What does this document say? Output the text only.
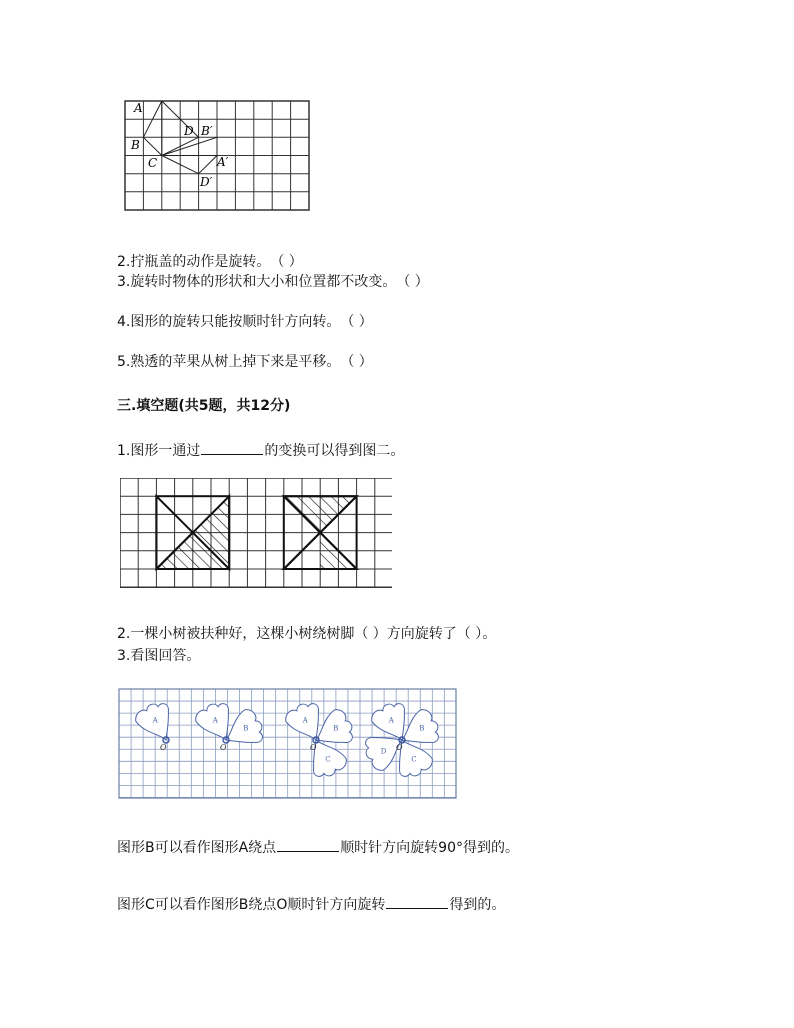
A
B
C
D B′
A′
D′
2.拧瓶盖的动作是旋转。　（ ）
3.旋转时物体的形状和大小和位置都不改变。　（ ）
4.图形的旋转只能按顺时针方向转。　（ ）
5.熟透的苹果从树上掉下来是平移。　（ ）
三.填空题(共5题，共12分)
1.图形一通过	的变换可以得到图二。
2.一棵小树被扶种好，这棵小树绕树脚（ ）方向旋转了（ ）。
3.看图回答。
A
O
A
B
O
A
B
C
O
A
B
C
D O
图形B可以看作图形A绕点	顺时针方向旋转90°得到的。
图形C可以看作图形B绕点O顺时针方向旋转	得到的。
